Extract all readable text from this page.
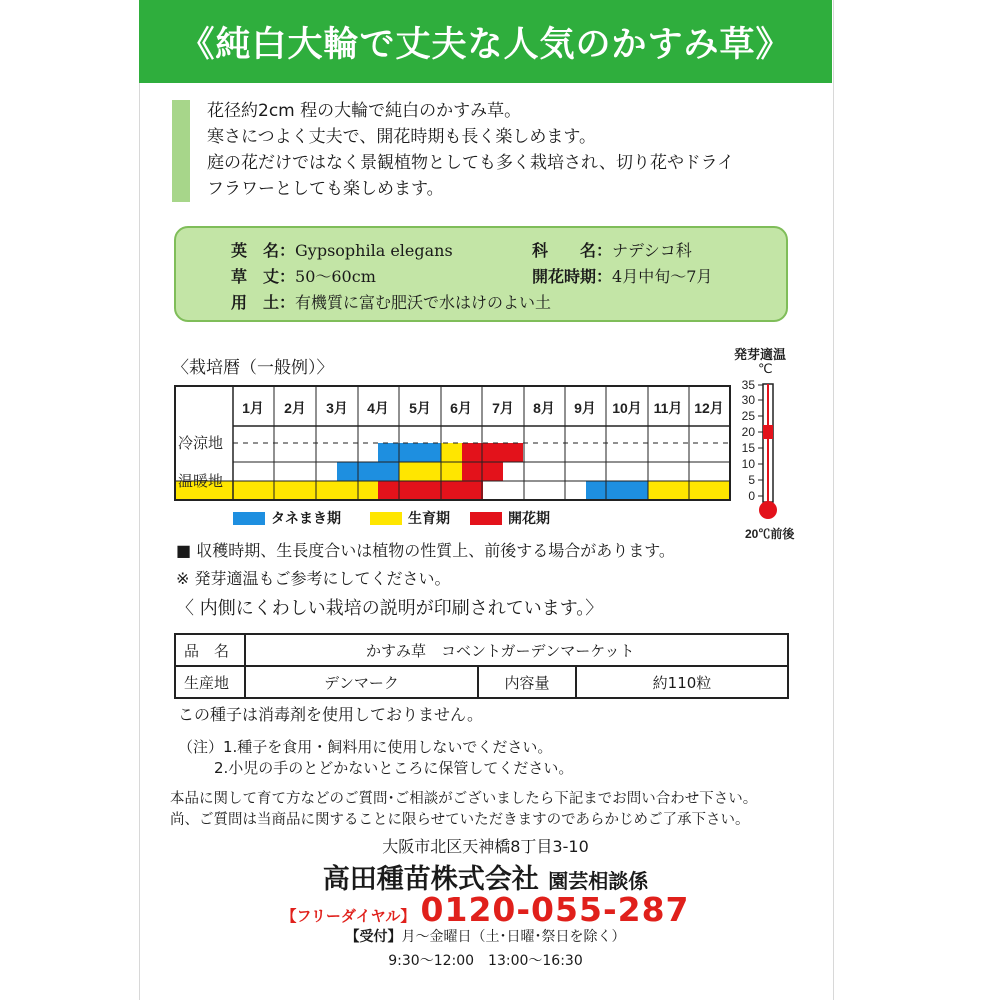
《純白大輪で丈夫な人気のかすみ草》
花径約2cm 程の大輪で純白のかすみ草。
寒さにつよく丈夫で、開花時期も長く楽しめます。
庭の花だけではなく景観植物としても多く栽培され、切り花やドライ
フラワーとしても楽しめます。
英　名：Gypsophila elegans	科　　名：ナデシコ科
草　丈：50〜60cm	開花時期：4月中旬〜7月
用　土：有機質に富む肥沃で水はけのよい土
〈栽培暦（一般例）〉
発芽適温
℃
1月 2月 3月 4月 5月 6月 7月 8月 9月 10月 11月 12月
冷涼地
温暖地
35
30
25
20
15
10
5
0
20℃前後
タネまき期	生育期	開花期
■ 収穫時期、生長度合いは植物の性質上、前後する場合があります。
※ 発芽適温もご参考にしてください。
〈 内側にくわしい栽培の説明が印刷されています。〉
品　名	かすみ草　コベントガーデンマーケット		
生産地	デンマーク	内容量	約110粒
この種子は消毒剤を使用しておりません。
（注）1.種子を食用・飼料用に使用しないでください。
2.小児の手のとどかないところに保管してください。
本品に関して育て方などのご質問･ご相談がございましたら下記までお問い合わせ下さい。
尚、ご質問は当商品に関することに限らせていただきますのであらかじめご了承下さい。
大阪市北区天神橋8丁目3-10
高田種苗株式会社 園芸相談係
【フリーダイヤル】 0120-055-287
【受付】月〜金曜日（土･日曜･祭日を除く）
9:30〜12:00　13:00〜16:30
